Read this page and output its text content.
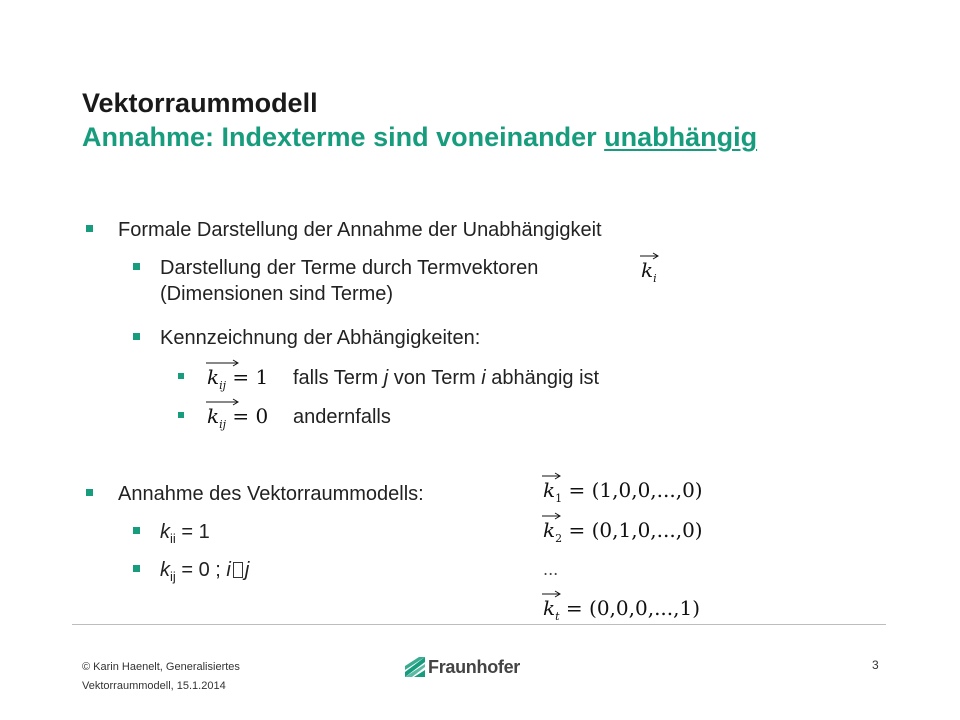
Vektorraummodell
Annahme: Indexterme sind voneinander unabhängig
Formale Darstellung der Annahme der Unabhängigkeit
Darstellung der Terme durch Termvektoren
(Dimensionen sind Terme)
$k_i$
Kennzeichnung der Abhängigkeiten:
$k_{ij} = 1$ falls Term j von Term i abhängig ist
$k_{ij} = 0$ andernfalls
Annahme des Vektorraummodells:
$k_{ii} = 1$
$k_{ij} = 0$ ; i j
$k_1 = (1,0,0,...,0)$
$k_2 = (0,1,0,...,0)$
...
$k_t = (0,0,0,...,1)$
© Karin Haenelt, Generalisiertes
Vektorraummodell, 15.1.2014
Fraunhofer	3
